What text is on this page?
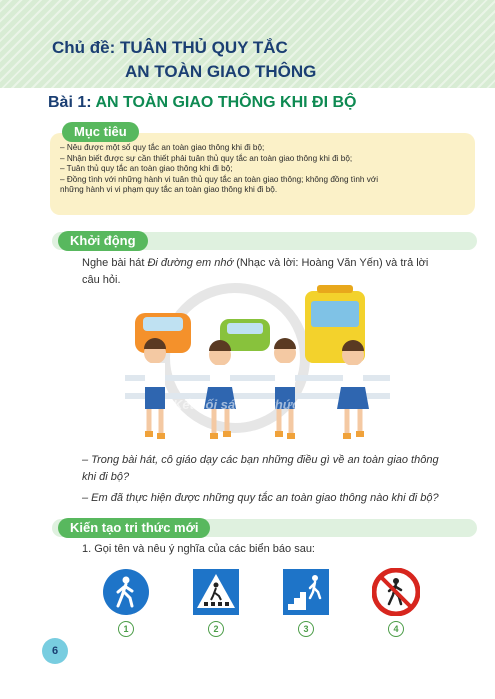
Chủ đề: TUÂN THỦ QUY TẮC
AN TOÀN GIAO THÔNG
Bài 1: AN TOÀN GIAO THÔNG KHI ĐI BỘ
– Nêu được một số quy tắc an toàn giao thông khi đi bộ;
– Nhận biết được sự cần thiết phải tuân thủ quy tắc an toàn giao thông khi đi bộ;
– Tuân thủ quy tắc an toàn giao thông khi đi bộ;
– Đồng tình với những hành vi tuân thủ quy tắc an toàn giao thông; không đồng tình với
những hành vi vi phạm quy tắc an toàn giao thông khi đi bộ.
Mục tiêu
Khởi động
Nghe bài hát Đi đường em nhớ (Nhạc và lời: Hoàng Văn Yến) và trả lời
câu hỏi.
Kết nối sách tri thức
– Trong bài hát, cô giáo dạy các bạn những điều gì về an toàn giao thông
khi đi bộ?
– Em đã thực hiện được những quy tắc an toàn giao thông nào khi đi bộ?
Kiến tạo tri thức mới
1. Gọi tên và nêu ý nghĩa của các biển báo sau:
1	2	3	4
6
